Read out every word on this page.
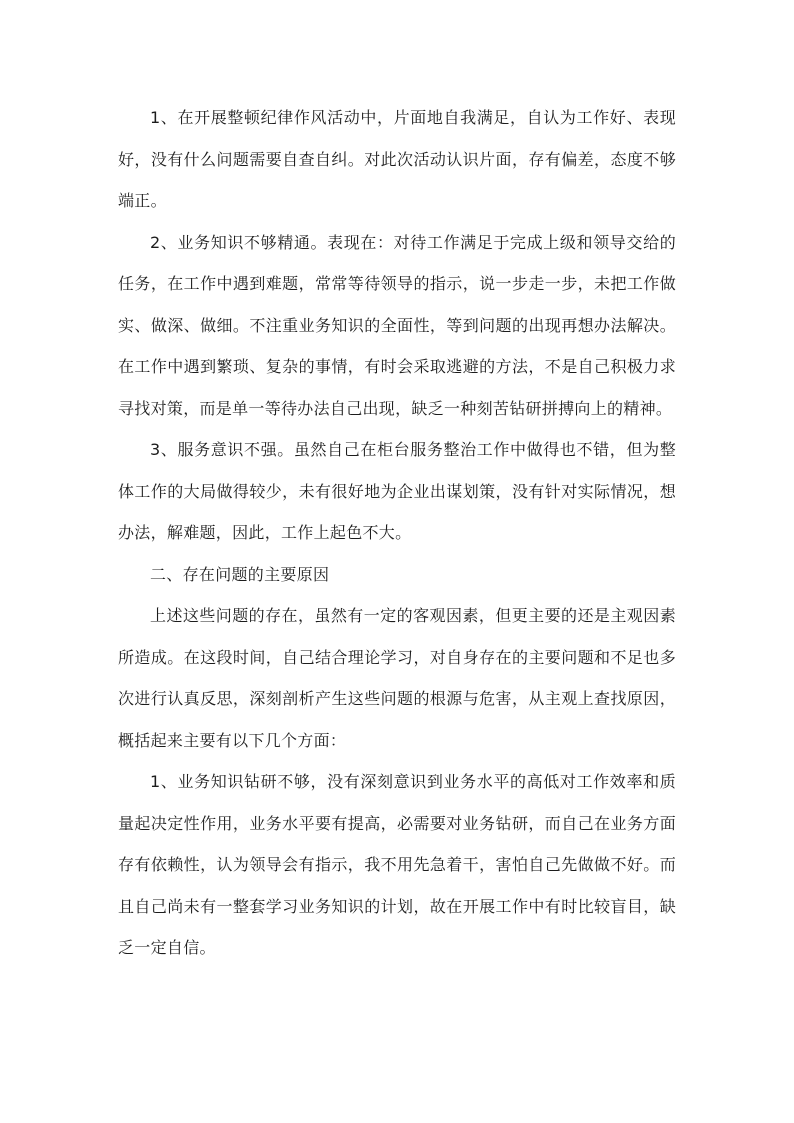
1、在开展整顿纪律作风活动中，片面地自我满足，自认为工作好、表现好，没有什么问题需要自查自纠。对此次活动认识片面，存有偏差，态度不够端正。

2、业务知识不够精通。表现在：对待工作满足于完成上级和领导交给的任务，在工作中遇到难题，常常等待领导的指示，说一步走一步，未把工作做实、做深、做细。不注重业务知识的全面性，等到问题的出现再想办法解决。在工作中遇到繁琐、复杂的事情，有时会采取逃避的方法，不是自己积极力求寻找对策，而是单一等待办法自己出现，缺乏一种刻苦钻研拼搏向上的精神。

3、服务意识不强。虽然自己在柜台服务整治工作中做得也不错，但为整体工作的大局做得较少，未有很好地为企业出谋划策，没有针对实际情况，想办法，解难题，因此，工作上起色不大。

二、存在问题的主要原因

上述这些问题的存在，虽然有一定的客观因素，但更主要的还是主观因素所造成。在这段时间，自己结合理论学习，对自身存在的主要问题和不足也多次进行认真反思，深刻剖析产生这些问题的根源与危害，从主观上查找原因，概括起来主要有以下几个方面：

1、业务知识钻研不够，没有深刻意识到业务水平的高低对工作效率和质量起决定性作用，业务水平要有提高，必需要对业务钻研，而自己在业务方面存有依赖性，认为领导会有指示，我不用先急着干，害怕自己先做做不好。而且自己尚未有一整套学习业务知识的计划，故在开展工作中有时比较盲目，缺乏一定自信。
